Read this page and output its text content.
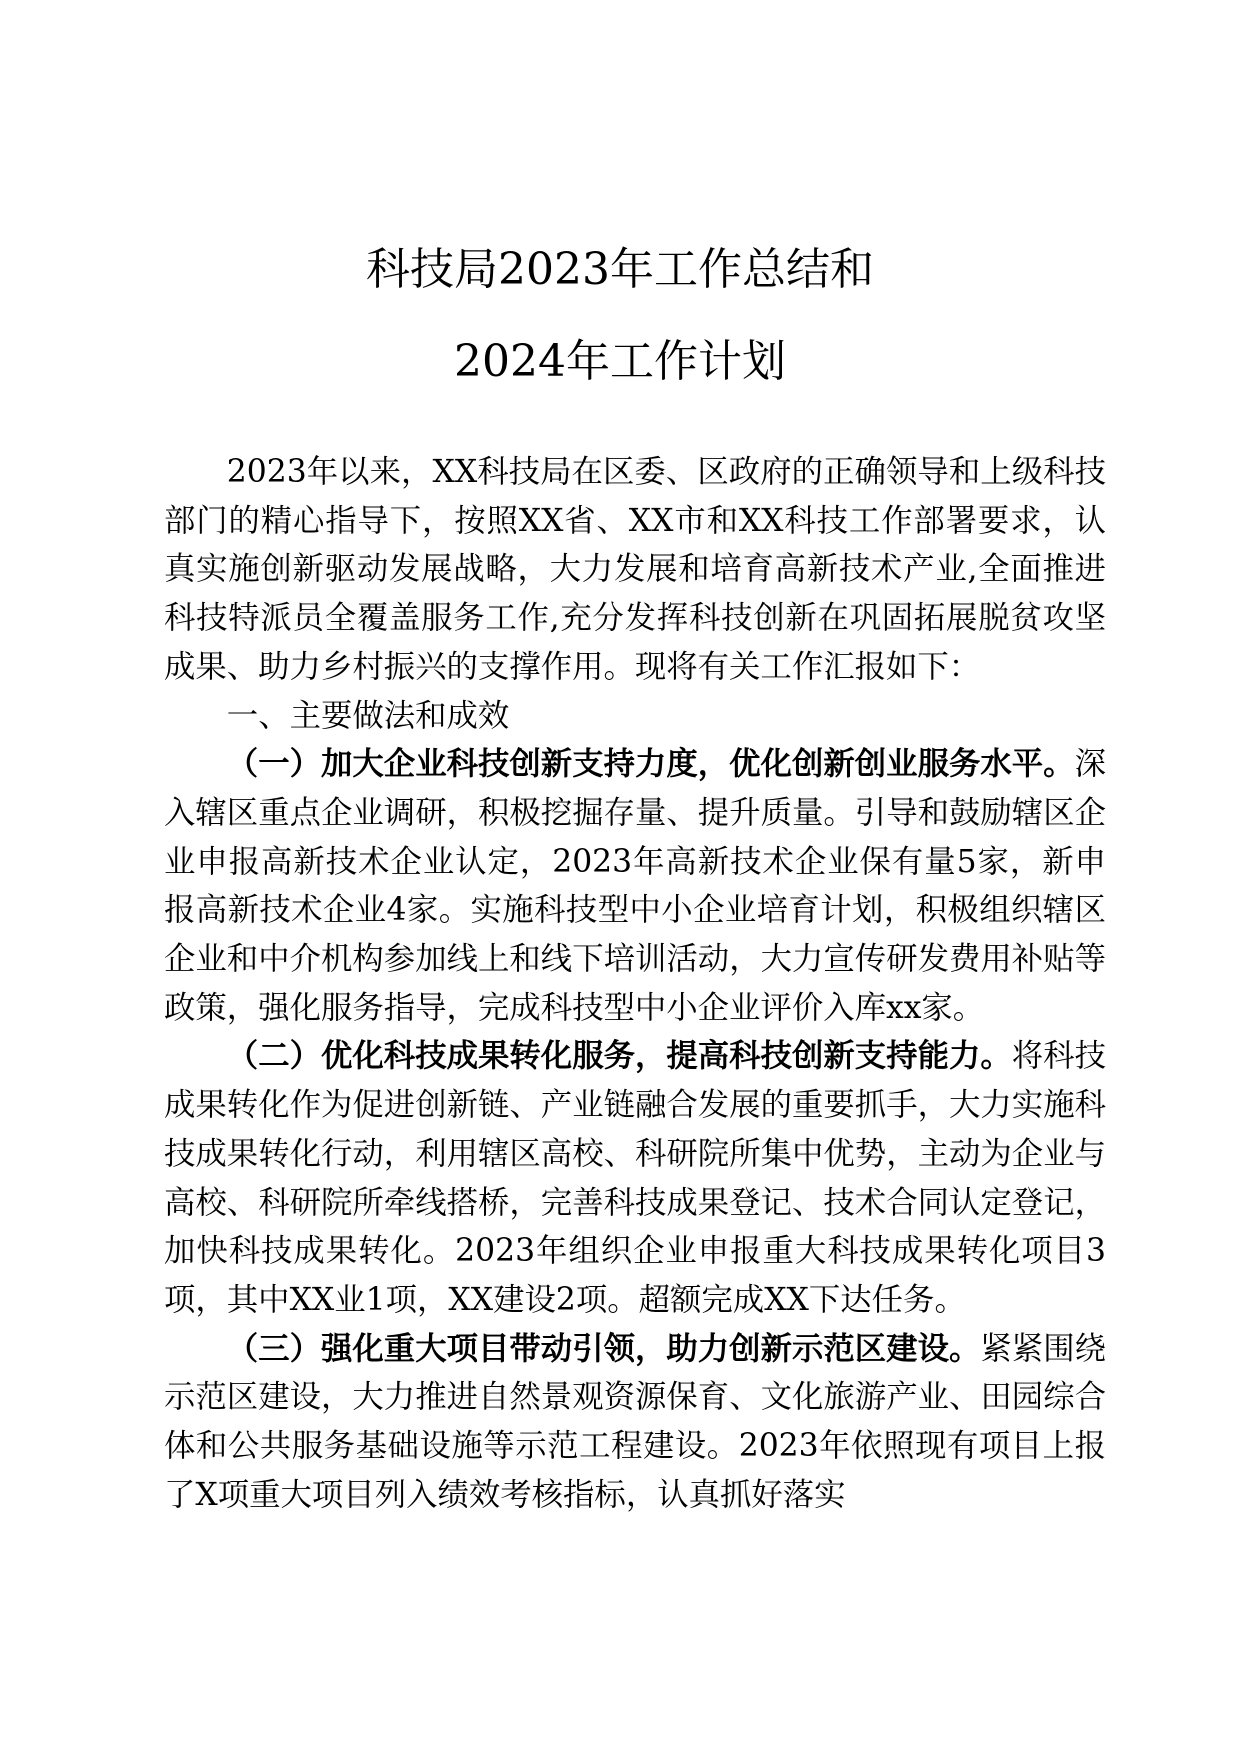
科技局2023年工作总结和
2024年工作计划

2023年以来，XX科技局在区委、区政府的正确领导和上级科技部门的精心指导下，按照XX省、XX市和XX科技工作部署要求，认真实施创新驱动发展战略，大力发展和培育高新技术产业,全面推进科技特派员全覆盖服务工作,充分发挥科技创新在巩固拓展脱贫攻坚成果、助力乡村振兴的支撑作用。现将有关工作汇报如下：

一、主要做法和成效

（一）加大企业科技创新支持力度，优化创新创业服务水平。深入辖区重点企业调研，积极挖掘存量、提升质量。引导和鼓励辖区企业申报高新技术企业认定，2023年高新技术企业保有量5家，新申报高新技术企业4家。实施科技型中小企业培育计划，积极组织辖区企业和中介机构参加线上和线下培训活动，大力宣传研发费用补贴等政策，强化服务指导，完成科技型中小企业评价入库xx家。

（二）优化科技成果转化服务，提高科技创新支持能力。将科技成果转化作为促进创新链、产业链融合发展的重要抓手，大力实施科技成果转化行动，利用辖区高校、科研院所集中优势，主动为企业与高校、科研院所牵线搭桥，完善科技成果登记、技术合同认定登记，加快科技成果转化。2023年组织企业申报重大科技成果转化项目3项，其中XX业1项，XX建设2项。超额完成XX下达任务。

（三）强化重大项目带动引领，助力创新示范区建设。紧紧围绕示范区建设，大力推进自然景观资源保育、文化旅游产业、田园综合体和公共服务基础设施等示范工程建设。2023年依照现有项目上报了X项重大项目列入绩效考核指标，认真抓好落实
